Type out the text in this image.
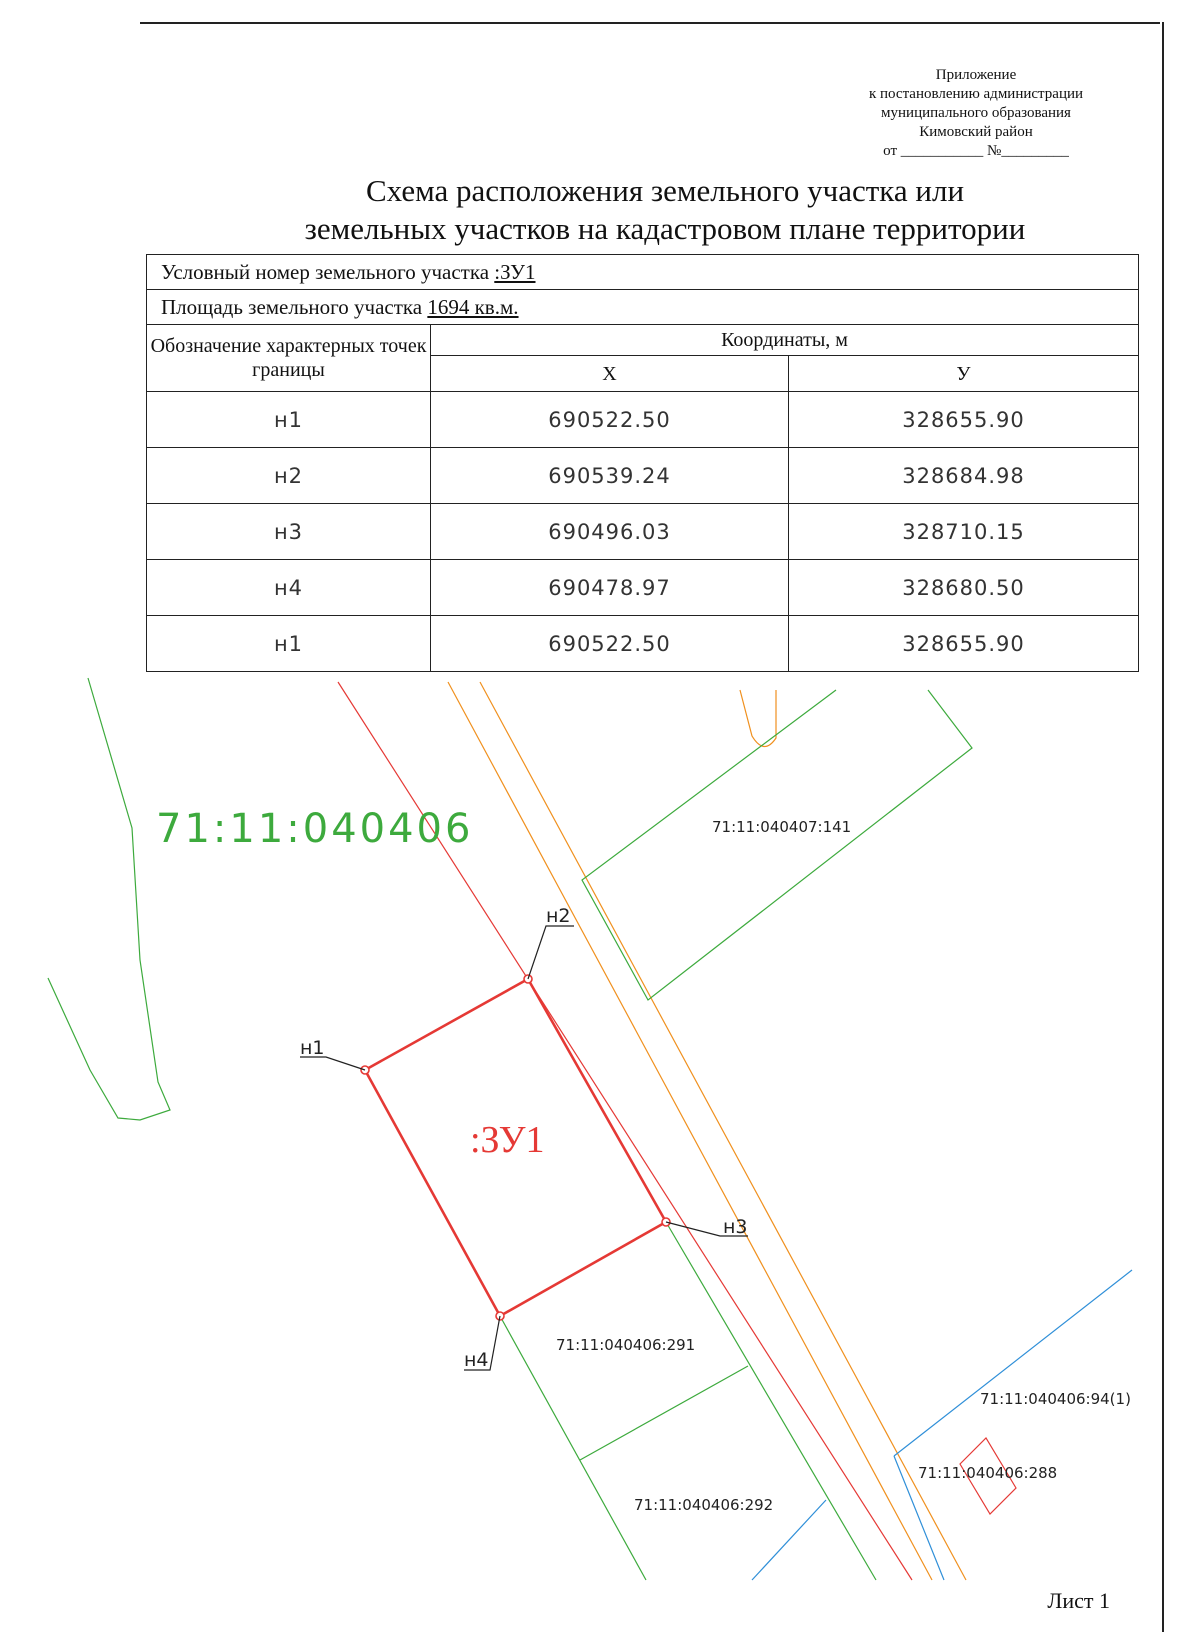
Приложение
к постановлению администрации
муниципального образования
Кимовский район
от ___________ №_________
Схема расположения земельного участка или
земельных участков на кадастровом плане территории
Условный номер земельного участка :ЗУ1		
Площадь земельного участка 1694 кв.м.		
Обозначение характерных точек границы	Координаты, м	
	X	У
н1	690522.50	328655.90
н2	690539.24	328684.98
н3	690496.03	328710.15
н4	690478.97	328680.50
н1	690522.50	328655.90
н1
н2
н3
н4
71:11:040406
:ЗУ1
71:11:040407:141
71:11:040406:291
71:11:040406:292
71:11:040406:94(1)
71:11:040406:288
Лист 1
